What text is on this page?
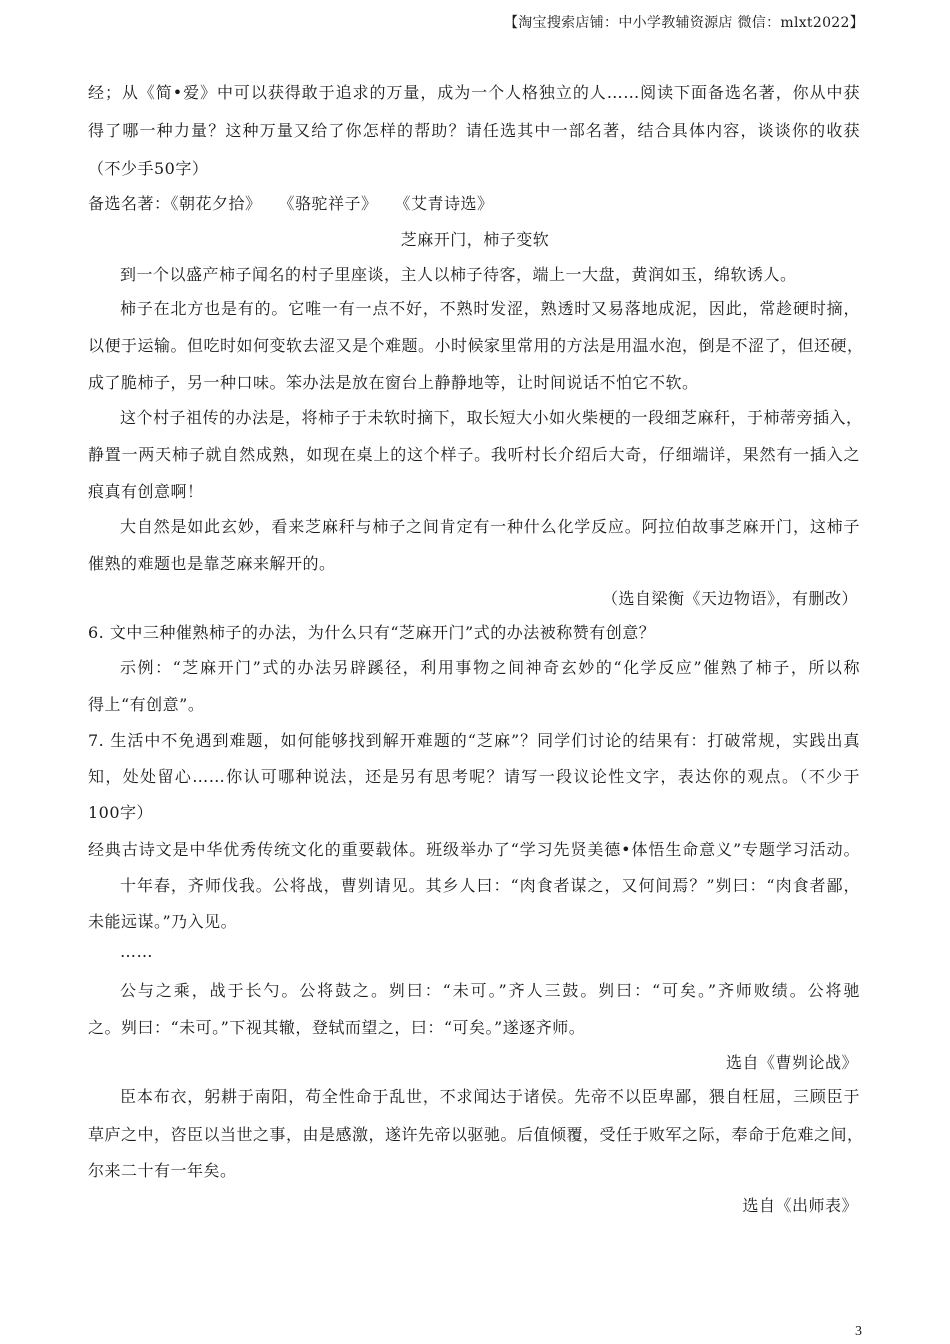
【淘宝搜索店铺：中小学教辅资源店 微信：mlxt2022】
经；从《简•爱》中可以获得敢于追求的万量，成为一个人格独立的人……阅读下面备选名著，你从中获
得了哪一种力量？这种万量又给了你怎样的帮助？请任选其中一部名著，结合具体内容，谈谈你的收获
（不少手50字）
备选名著：《朝花夕拾》　　《骆驼祥子》　　《艾青诗选》
芝麻开门，柿子变软
到一个以盛产柿子闻名的村子里座谈，主人以柿子待客，端上一大盘，黄润如玉，绵软诱人。
柿子在北方也是有的。它唯一有一点不好，不熟时发涩，熟透时又易落地成泥，因此，常趁硬时摘，
以便于运输。但吃时如何变软去涩又是个难题。小时候家里常用的方法是用温水泡，倒是不涩了，但还硬，
成了脆柿子，另一种口味。笨办法是放在窗台上静静地等，让时间说话不怕它不软。
这个村子祖传的办法是，将柿子于未软时摘下，取长短大小如火柴梗的一段细芝麻秆，于柿蒂旁插入，
静置一两天柿子就自然成熟，如现在桌上的这个样子。我听村长介绍后大奇，仔细端详，果然有一插入之
痕真有创意啊！
大自然是如此玄妙，看来芝麻秆与柿子之间肯定有一种什么化学反应。阿拉伯故事芝麻开门，这柿子
催熟的难题也是靠芝麻来解开的。
（选自梁衡《天边物语》，有删改）
6. 文中三种催熟柿子的办法，为什么只有“芝麻开门”式的办法被称赞有创意？
示例：“芝麻开门”式的办法另辟蹊径，利用事物之间神奇玄妙的“化学反应”催熟了柿子，所以称
得上“有创意”。
7. 生活中不免遇到难题，如何能够找到解开难题的“芝麻”？同学们讨论的结果有：打破常规，实践出真
知，处处留心……你认可哪种说法，还是另有思考呢？请写一段议论性文字，表达你的观点。（不少于
100字）
经典古诗文是中华优秀传统文化的重要载体。班级举办了“学习先贤美德•体悟生命意义”专题学习活动。
十年春，齐师伐我。公将战，曹刿请见。其乡人曰：“肉食者谋之，又何间焉？”刿曰：“肉食者鄙，
未能远谋。”乃入见。
……
公与之乘，战于长勺。公将鼓之。刿曰：“未可。”齐人三鼓。刿曰：“可矣。”齐师败绩。公将驰
之。刿曰：“未可。”下视其辙，登轼而望之，曰：“可矣。”遂逐齐师。
选自《曹刿论战》
臣本布衣，躬耕于南阳，苟全性命于乱世，不求闻达于诸侯。先帝不以臣卑鄙，猥自枉屈，三顾臣于
草庐之中，咨臣以当世之事，由是感激，遂许先帝以驱驰。后值倾覆，受任于败军之际，奉命于危难之间，
尔来二十有一年矣。
选自《出师表》
3
